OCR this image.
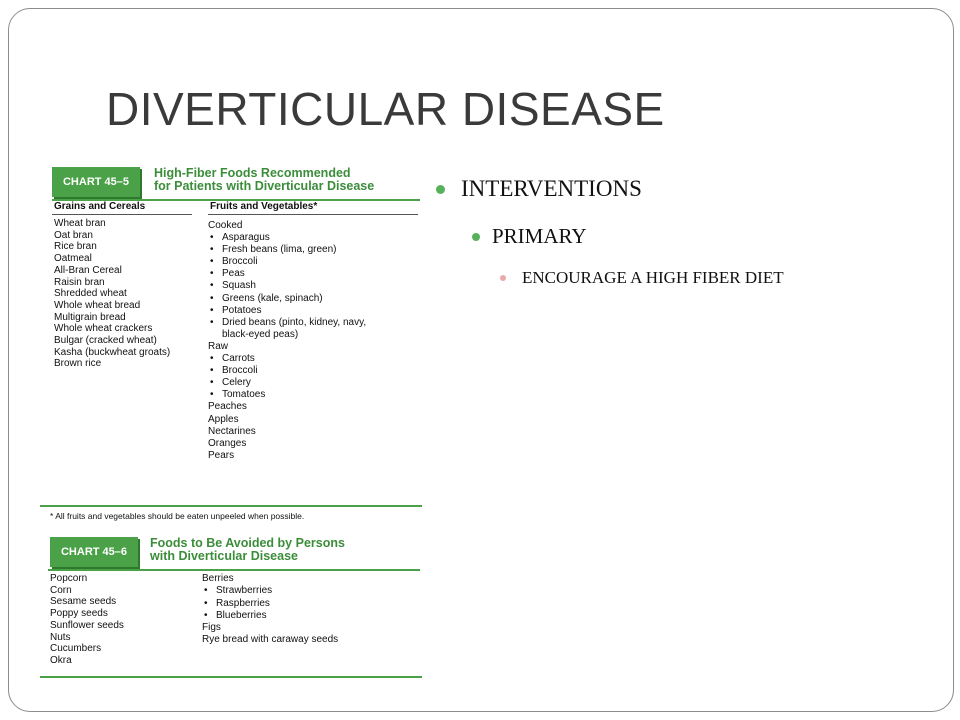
DIVERTICULAR DISEASE
CHART 45–5
High-Fiber Foods Recommended
for Patients with Diverticular Disease
Grains and Cereals	Fruits and Vegetables*
Wheat bran
Oat bran
Rice bran
Oatmeal
All-Bran Cereal
Raisin bran
Shredded wheat
Whole wheat bread
Multigrain bread
Whole wheat crackers
Bulgar (cracked wheat)
Kasha (buckwheat groats)
Brown rice
Cooked
• Asparagus
• Fresh beans (lima, green)
• Broccoli
• Peas
• Squash
• Greens (kale, spinach)
• Potatoes
• Dried beans (pinto, kidney, navy,
black-eyed peas)
Raw
• Carrots
• Broccoli
• Celery
• Tomatoes
Peaches
Apples
Nectarines
Oranges
Pears
* All fruits and vegetables should be eaten unpeeled when possible.
CHART 45–6
Foods to Be Avoided by Persons
with Diverticular Disease
Popcorn
Corn
Sesame seeds
Poppy seeds
Sunflower seeds
Nuts
Cucumbers
Okra
Berries
• Strawberries
• Raspberries
• Blueberries
Figs
Rye bread with caraway seeds
INTERVENTIONS
PRIMARY
ENCOURAGE A HIGH FIBER DIET
